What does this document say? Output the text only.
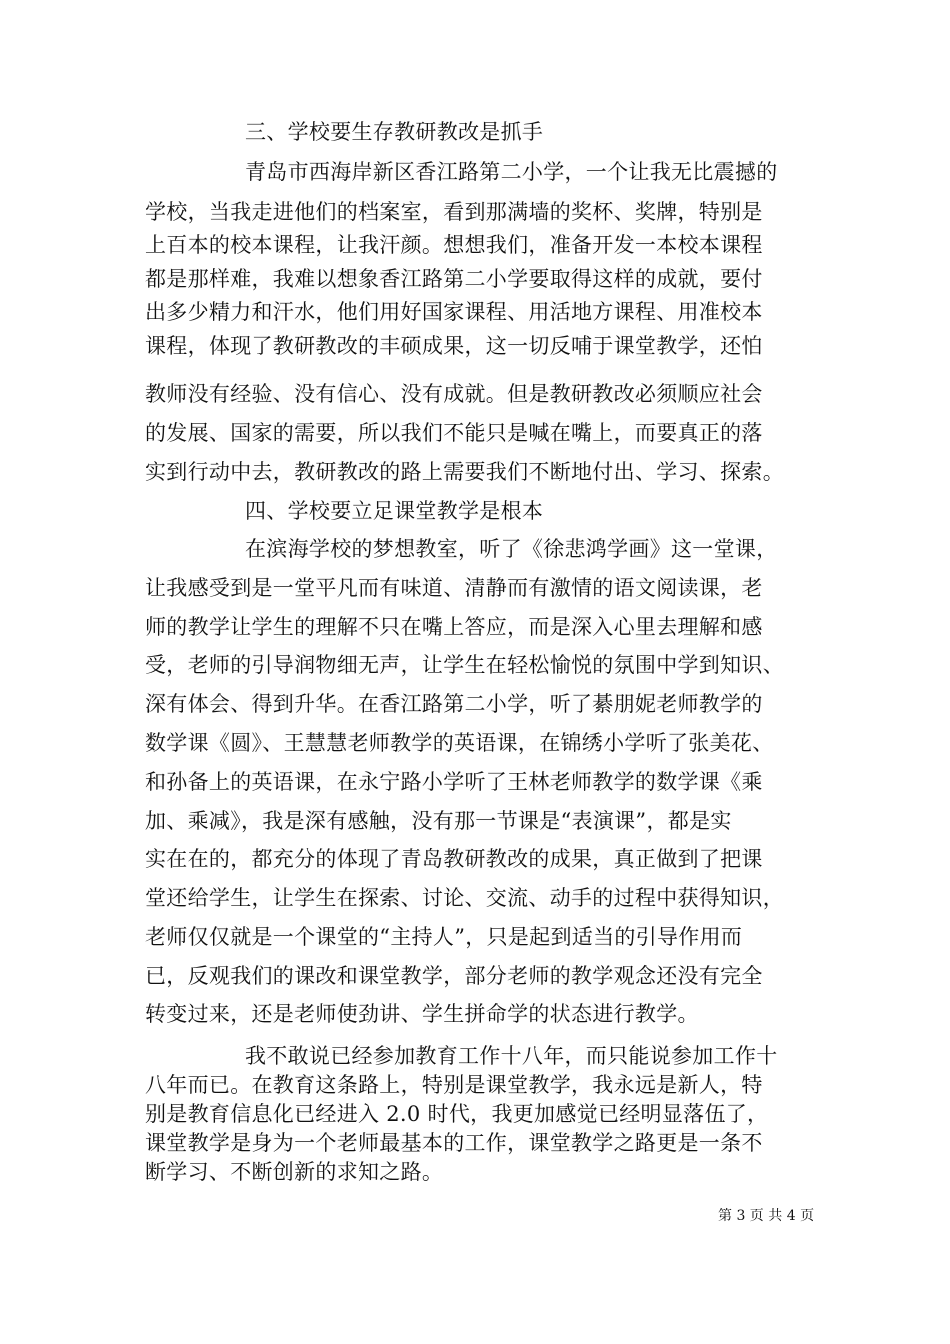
三、学校要生存教研教改是抓手
青岛市西海岸新区香江路第二小学，一个让我无比震撼的
学校，当我走进他们的档案室，看到那满墙的奖杯、奖牌，特别是
上百本的校本课程，让我汗颜。想想我们，准备开发一本校本课程
都是那样难，我难以想象香江路第二小学要取得这样的成就，要付
出多少精力和汗水，他们用好国家课程、用活地方课程、用准校本
课程，体现了教研教改的丰硕成果，这一切反哺于课堂教学，还怕
教师没有经验、没有信心、没有成就。但是教研教改必须顺应社会
的发展、国家的需要，所以我们不能只是喊在嘴上，而要真正的落
实到行动中去，教研教改的路上需要我们不断地付出、学习、探索。
四、学校要立足课堂教学是根本
在滨海学校的梦想教室，听了《徐悲鸿学画》这一堂课，
让我感受到是一堂平凡而有味道、清静而有激情的语文阅读课，老
师的教学让学生的理解不只在嘴上答应，而是深入心里去理解和感
受，老师的引导润物细无声，让学生在轻松愉悦的氛围中学到知识、
深有体会、得到升华。在香江路第二小学，听了綦朋妮老师教学的
数学课《圆》、王慧慧老师教学的英语课，在锦绣小学听了张美花、
和孙备上的英语课，在永宁路小学听了王林老师教学的数学课《乘
加、乘减》，我是深有感触，没有那一节课是“表演课”，都是实
实在在的，都充分的体现了青岛教研教改的成果，真正做到了把课
堂还给学生，让学生在探索、讨论、交流、动手的过程中获得知识，
老师仅仅就是一个课堂的“主持人”，只是起到适当的引导作用而
已，反观我们的课改和课堂教学，部分老师的教学观念还没有完全
转变过来，还是老师使劲讲、学生拼命学的状态进行教学。
我不敢说已经参加教育工作十八年，而只能说参加工作十
八年而已。在教育这条路上，特别是课堂教学，我永远是新人，特
别是教育信息化已经进入 2.0 时代，我更加感觉已经明显落伍了，
课堂教学是身为一个老师最基本的工作，课堂教学之路更是一条不
第 3 页 共 4 页
断学习、不断创新的求知之路。
